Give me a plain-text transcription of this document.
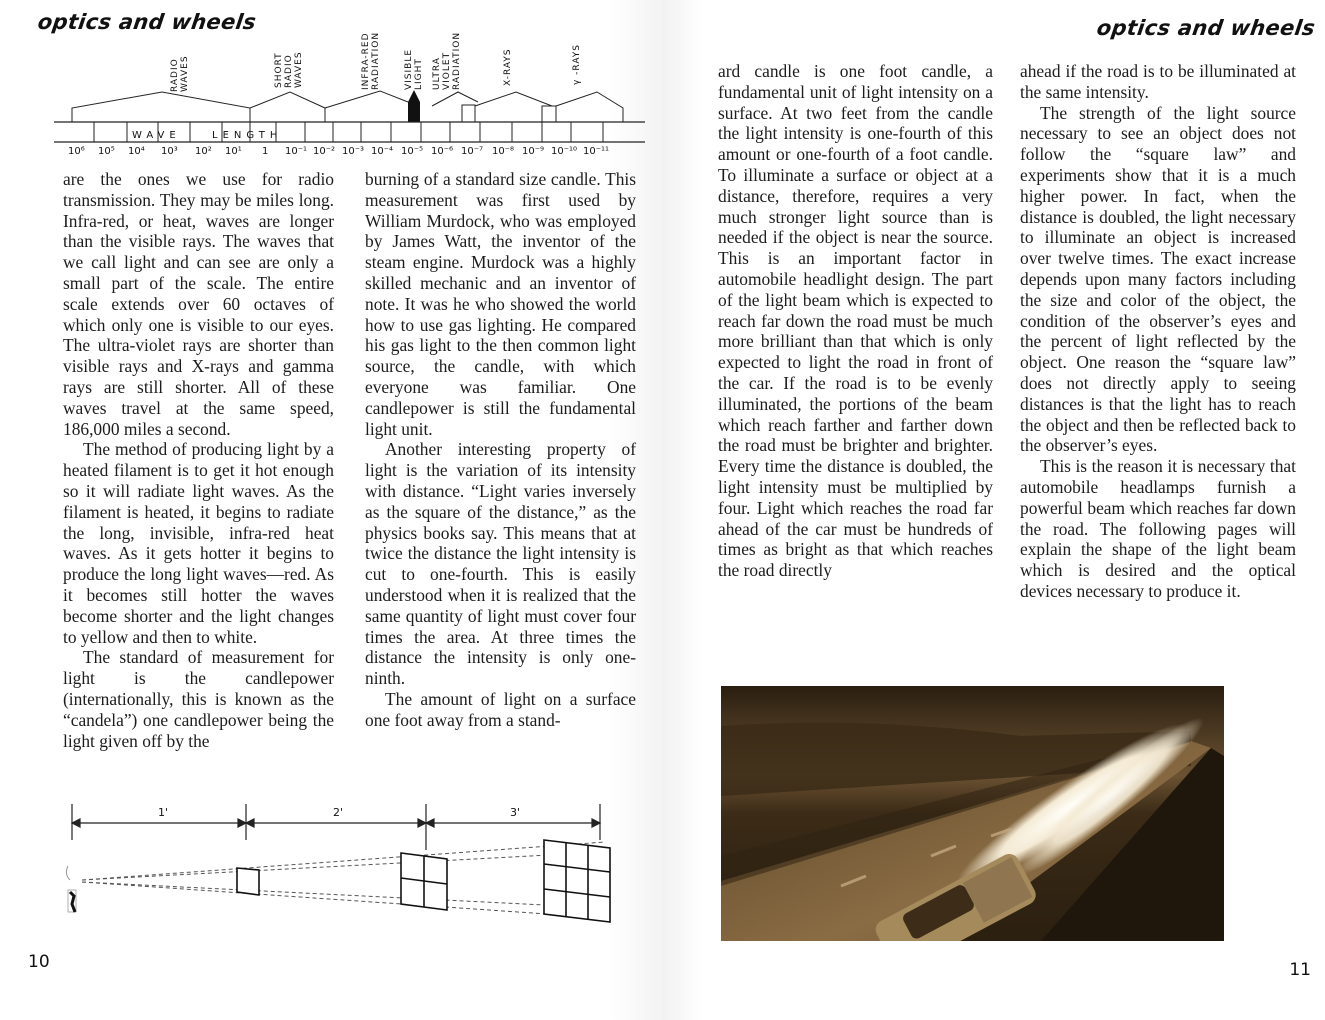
optics and wheels
RADIOWAVES	SHORTRADIOWAVES	INFRA-REDRADIATION	VISIBLELIGHT ULTRAVIOLETRADIATION	X-RAYS	γ -RAYS
WAVE	LENGTH
10⁶ 10⁵ 10⁴ 10³ 10² 10¹ 1 10⁻¹ 10⁻² 10⁻³ 10⁻⁴ 10⁻⁵ 10⁻⁶ 10⁻⁷ 10⁻⁸ 10⁻⁹ 10⁻¹⁰ 10⁻¹¹

are the ones we use for radio transmission. They may be miles long. Infra-red, or heat, waves are longer than the visible rays. The waves that we call light and can see are only a small part of the scale. The entire scale extends over 60 octaves of which only one is visible to our eyes. The ultra-violet rays are shorter than visible rays and X-rays and gamma rays are still shorter. All of these waves travel at the same speed, 186,000 miles a second.

The method of producing light by a heated filament is to get it hot enough so it will radiate light waves. As the filament is heated, it begins to radiate the long, invisible, infra-red heat waves. As it gets hotter it begins to produce the long light waves—red. As it becomes still hotter the waves become shorter and the light changes to yellow and then to white.

The standard of measurement for light is the candlepower (internationally, this is known as the “candela”) one candlepower being the light given off by the

burning of a standard size candle. This measurement was first used by William Murdock, who was employed by James Watt, the inventor of the steam engine. Murdock was a highly skilled mechanic and an inventor of note. It was he who showed the world how to use gas lighting. He compared his gas light to the then common light source, the candle, with which everyone was familiar. One candlepower is still the fundamental light unit.

Another interesting property of light is the variation of its intensity with distance. “Light varies inversely as the square of the distance,” as the physics books say. This means that at twice the distance the light intensity is cut to one-fourth. This is easily understood when it is realized that the same quantity of light must cover four times the area. At three times the distance the intensity is only one-ninth.

The amount of light on a surface one foot away from a stand-

1'	2'	3'
10
optics and wheels

ard candle is one foot candle, a fundamental unit of light intensity on a surface. At two feet from the candle the light intensity is one-fourth of this amount or one-fourth of a foot candle. To illuminate a surface or object at a distance, therefore, requires a very much stronger light source than is needed if the object is near the source. This is an important factor in automobile headlight design. The part of the light beam which is expected to reach far down the road must be much more brilliant than that which is only expected to light the road in front of the car. If the road is to be evenly illuminated, the portions of the beam which reach farther and farther down the road must be brighter and brighter. Every time the distance is doubled, the light intensity must be multiplied by four. Light which reaches the road far ahead of the car must be hundreds of times as bright as that which reaches the road directly

ahead if the road is to be illuminated at the same intensity.

The strength of the light source necessary to see an object does not follow the “square law” and experiments show that it is a much higher power. In fact, when the distance is doubled, the light necessary to illuminate an object is increased over twelve times. The exact increase depends upon many factors including the size and color of the object, the condition of the observer’s eyes and the percent of light reflected by the object. One reason the “square law” does not directly apply to seeing distances is that the light has to reach the object and then be reflected back to the observer’s eyes.

This is the reason it is necessary that automobile headlamps furnish a powerful beam which reaches far down the road. The following pages will explain the shape of the light beam which is desired and the optical devices necessary to produce it.

11
